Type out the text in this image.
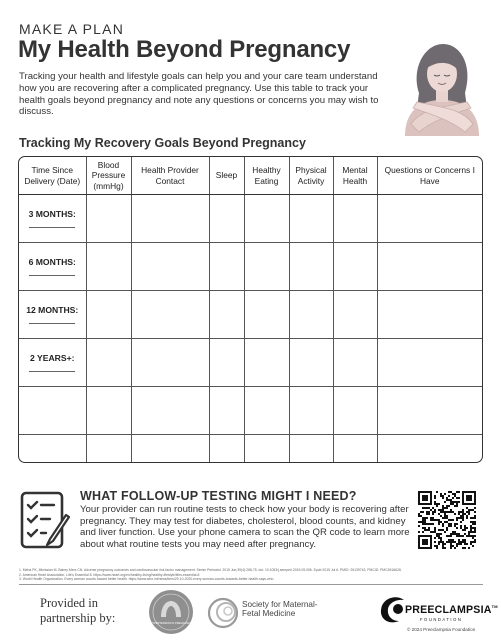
MAKE A PLAN
My Health Beyond Pregnancy
Tracking your health and lifestyle goals can help you and your care team understand how you are recovering after a complicated pregnancy. Use this table to track your health goals beyond pregnancy and note any questions or concerns you may wish to discuss.
Tracking My Recovery Goals Beyond Pregnancy
Time Since Delivery (Date)	Blood Pressure (mmHg)	Health Provider Contact	Sleep	Healthy Eating	Physical Activity	Mental Health	Questions or Concerns I Have

3 MONTHS:							

6 MONTHS:							

12 MONTHS:							

2 YEARS+:							

WHAT FOLLOW-UP TESTING MIGHT I NEED?
Your provider can run routine tests to check how your body is recovering after pregnancy. They may test for diabetes, cholesterol, blood counts, and kidney and liver function. Use your phone camera to scan the QR code to learn more about what routine tests you may need after pregnancy.
1. Meha PK, Minissian M, Bairey Merz CN. Adverse pregnancy outcomes and cardiovascular risk factor management. Semin Perinatol. 2015 Jun;39(4):268-75. doi: 10.1053/j.semperi.2015.05.006. Epub 2015 Jul 6. PMID: 26139742; PMCID: PMC4516626.
2. American Heart Association. Life's Essential 8. https://www.heart.org/en/healthy-living/healthy-lifestyle/lifes-essential-8
3. World Health Organization. Every woman counts toward better health. https://www.who.int/news/item/29-10-2020-every-woman-counts-towards-better-health-says-who
Provided in partnership by:	HYPERTENSION IN PREGNANCY
Society for Maternal-Fetal Medicine	PREECLAMPSIA™
FOUNDATION
© 2024 Preeclampsia Foundation
